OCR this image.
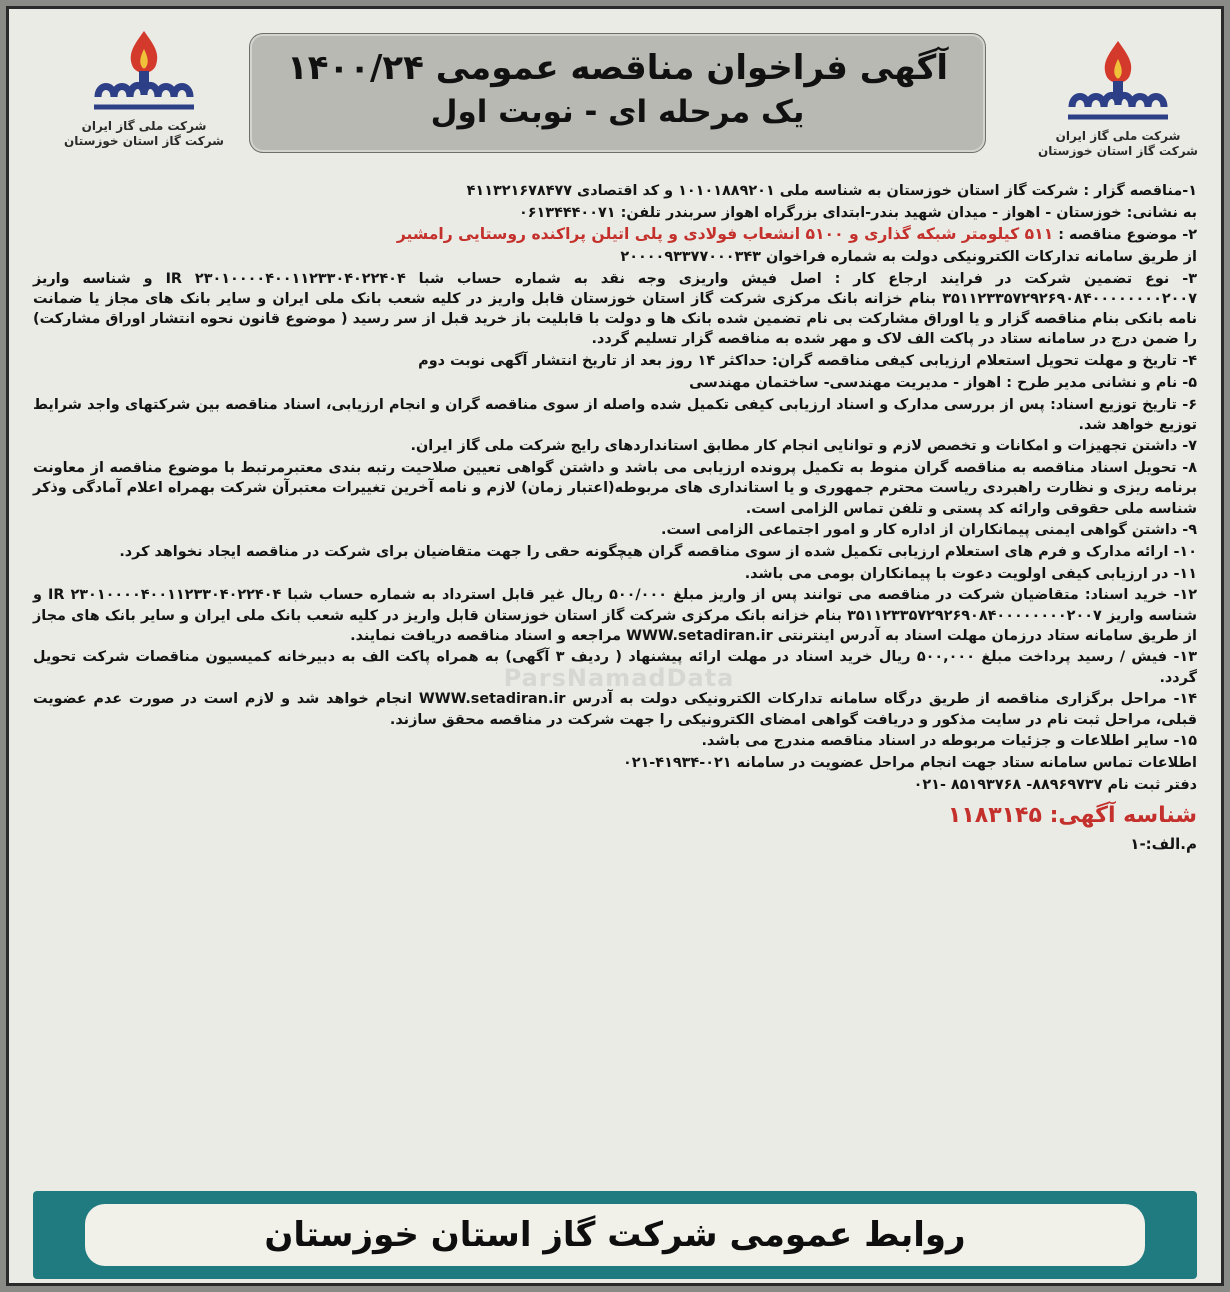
شرکت ملی گاز ایران
شرکت گاز استان خوزستان
شرکت ملی گاز ایران
شرکت گاز استان خوزستان
آگهی فراخوان مناقصه عمومی ۱۴۰۰/۲۴
یک مرحله ای - نوبت اول
ParsNamadData

۱-مناقصه گزار : شرکت گاز استان خوزستان به شناسه ملی ۱۰۱۰۱۸۸۹۲۰۱ و کد اقتصادی ۴۱۱۳۲۱۶۷۸۴۷۷

به نشانی: خوزستان - اهواز - میدان شهید بندر-ابتدای بزرگراه اهواز سربندر تلفن: ۰۶۱۳۴۴۴۰۰۷۱

۲- موضوع مناقصه : ۵۱۱ کیلومتر شبکه گذاری و ۵۱۰۰ انشعاب فولادی و پلی اتیلن پراکنده روستایی رامشیر

از طریق سامانه تدارکات الکترونیکی دولت به شماره فراخوان ۲۰۰۰۰۹۳۳۷۷۰۰۰۳۴۳

۳- نوع تضمین شرکت در فرایند ارجاع کار : اصل فیش واریزی وجه نقد به شماره حساب شبا IR ۲۳۰۱۰۰۰۰۴۰۰۱۱۲۳۳۰۴۰۲۲۴۰۴ و شناسه واریز ۳۵۱۱۲۳۳۵۷۲۹۲۶۹۰۸۴۰۰۰۰۰۰۰۰۲۰۰۷ بنام خزانه بانک مرکزی شرکت گاز استان خوزستان قابل واریز در کلیه شعب بانک ملی ایران و سایر بانک های مجاز یا ضمانت نامه بانکی بنام مناقصه گزار و یا اوراق مشارکت بی نام تضمین شده بانک ها و دولت با قابلیت باز خرید قبل از سر رسید ( موضوع قانون نحوه انتشار اوراق مشارکت) را ضمن درج در سامانه ستاد در پاکت الف لاک و مهر شده به مناقصه گزار تسلیم گردد.

۴- تاریخ و مهلت تحویل استعلام ارزیابی کیفی مناقصه گران: حداکثر ۱۴ روز بعد از تاریخ انتشار آگهی نوبت دوم

۵- نام و نشانی مدیر طرح : اهواز - مدیریت مهندسی- ساختمان مهندسی

۶- تاریخ توزیع اسناد: پس از بررسی مدارک و اسناد ارزیابی کیفی تکمیل شده واصله از سوی مناقصه گران و انجام ارزیابی، اسناد مناقصه بین شرکتهای واجد شرایط توزیع خواهد شد.

۷- داشتن تجهیزات و امکانات و تخصص لازم و توانایی انجام کار مطابق استانداردهای رایج شرکت ملی گاز ایران.

۸- تحویل اسناد مناقصه به مناقصه گران منوط به تکمیل پرونده ارزیابی می باشد و داشتن گواهی تعیین صلاحیت رتبه بندی معتبرمرتبط با موضوع مناقصه از معاونت برنامه ریزی و نظارت راهبردی ریاست محترم جمهوری و یا استانداری های مربوطه(اعتبار زمان) لازم و نامه آخرین تغییرات معتبرآن شرکت بهمراه اعلام آمادگی وذکر شناسه ملی حقوقی وارائه کد پستی و تلفن تماس الزامی است.

۹- داشتن گواهی ایمنی پیمانکاران از اداره کار و امور اجتماعی الزامی است.

۱۰- ارائه مدارک و فرم های استعلام ارزیابی تکمیل شده از سوی مناقصه گران هیچگونه حقی را جهت متقاضیان برای شرکت در مناقصه ایجاد نخواهد کرد.

۱۱- در ارزیابی کیفی اولویت دعوت با پیمانکاران بومی می باشد.

۱۲- خرید اسناد: متقاضیان شرکت در مناقصه می توانند پس از واریز مبلغ ۵۰۰/۰۰۰ ریال غیر قابل استرداد به شماره حساب شبا ۲۳۰۱۰۰۰۰۴۰۰۱۱۲۳۳۰۴۰۲۲۴۰۴ IR و شناسه واریز ۳۵۱۱۲۳۳۵۷۲۹۲۶۹۰۸۴۰۰۰۰۰۰۰۰۲۰۰۷ بنام خزانه بانک مرکزی شرکت گاز استان خوزستان قابل واریز در کلیه شعب بانک ملی ایران و سایر بانک های مجاز از طریق سامانه ستاد درزمان مهلت اسناد به آدرس اینترنتی WWW.setadiran.ir مراجعه و اسناد مناقصه دریافت نمایند.

۱۳- فیش / رسید پرداخت مبلغ ۵۰۰,۰۰۰ ریال خرید اسناد در مهلت ارائه پیشنهاد ( ردیف ۳ آگهی) به همراه پاکت الف به دبیرخانه کمیسیون مناقصات شرکت تحویل گردد.

۱۴- مراحل برگزاری مناقصه از طریق درگاه سامانه تدارکات الکترونیکی دولت به آدرس WWW.setadiran.ir انجام خواهد شد و لازم است در صورت عدم عضویت قبلی، مراحل ثبت نام در سایت مذکور و دریافت گواهی امضای الکترونیکی را جهت شرکت در مناقصه محقق سازند.

۱۵- سایر اطلاعات و جزئیات مربوطه در اسناد مناقصه مندرج می باشد.

اطلاعات تماس سامانه ستاد جهت انجام مراحل عضویت در سامانه ۰۲۱-۴۱۹۳۴-۰۲۱

دفتر ثبت نام ۸۸۹۶۹۷۳۷- ۸۵۱۹۳۷۶۸ -۰۲۱

شناسه آگهی: ۱۱۸۳۱۴۵
م.الف:-۱
روابط عمومی شرکت گاز استان خوزستان
